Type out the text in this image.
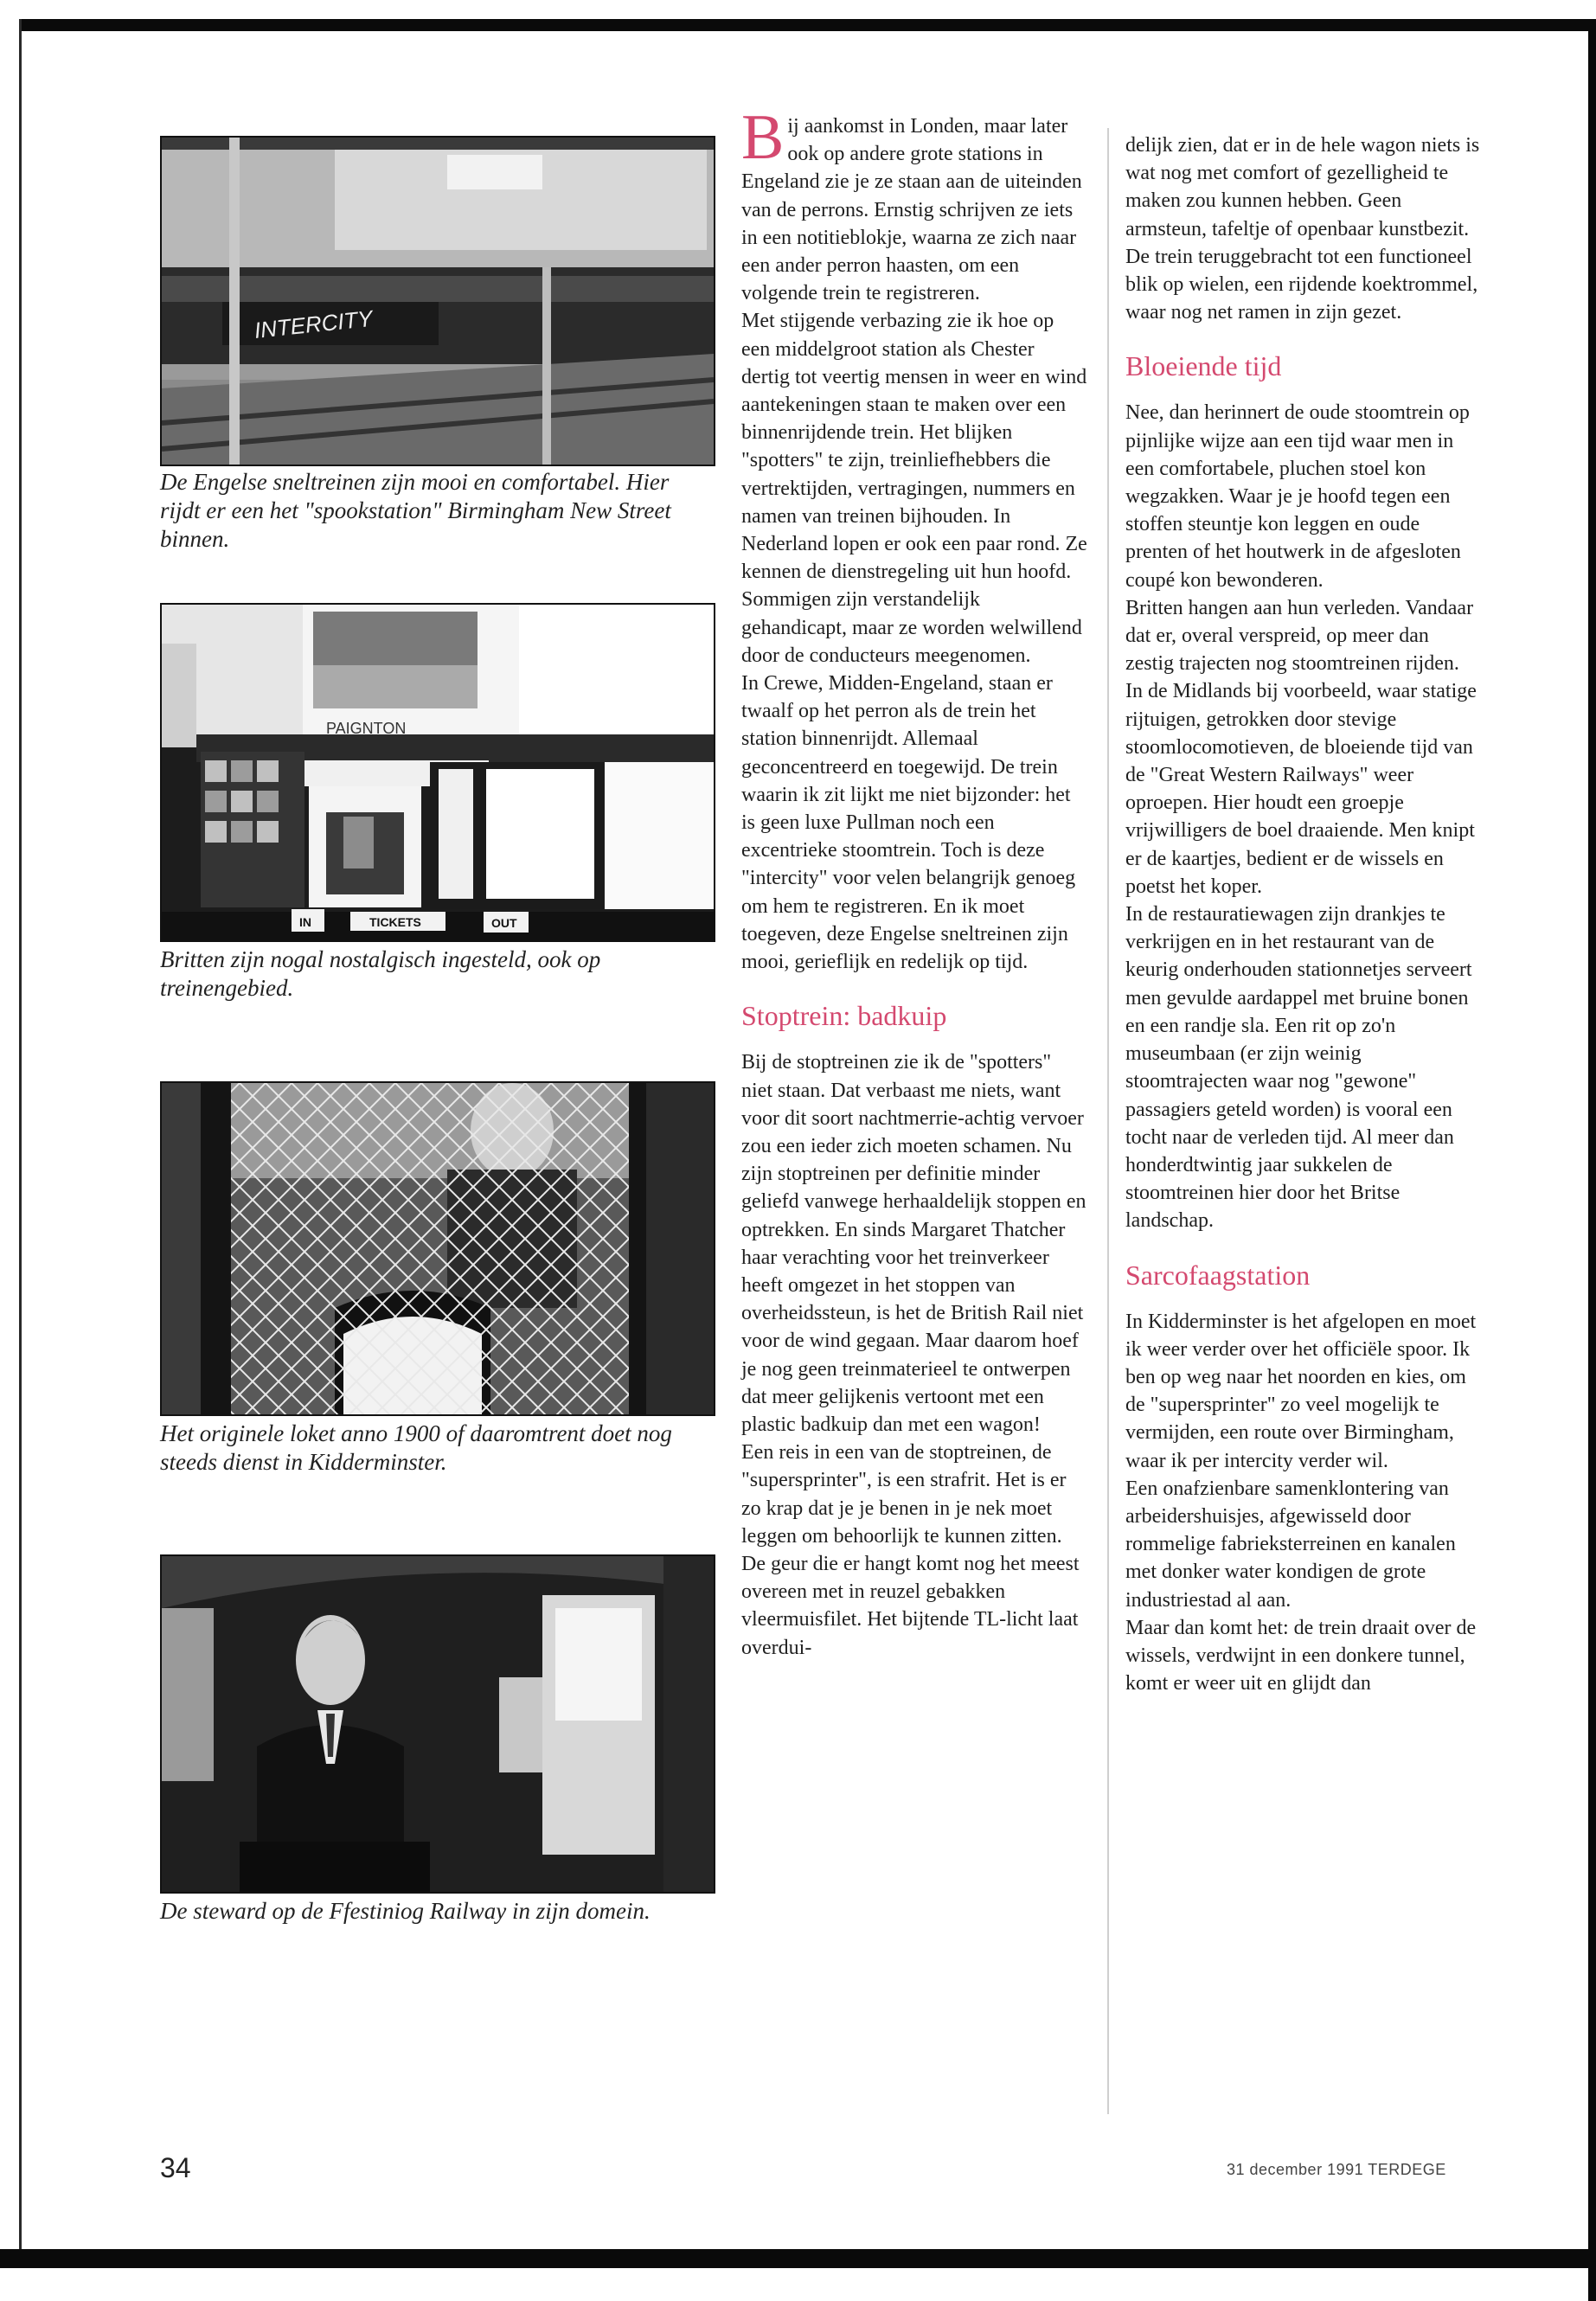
INTERCITY

De Engelse sneltreinen zijn mooi en comfortabel. Hier rijdt er een het "spookstation" Birmingham New Street binnen.

PAIGNTON
IN	TICKETS	OUT

Britten zijn nogal nostalgisch ingesteld, ook op treinengebied.

Het originele loket anno 1900 of daaromtrent doet nog steeds dienst in Kidderminster.

De steward op de Ffestiniog Railway in zijn domein.

Bij aankomst in Londen, maar later ook op andere grote stations in Engeland zie je ze staan aan de uiteinden van de perrons. Ernstig schrijven ze iets in een notitieblokje, waarna ze zich naar een ander perron haasten, om een volgende trein te registreren.

Met stijgende verbazing zie ik hoe op een middelgroot station als Chester dertig tot veertig mensen in weer en wind aantekeningen staan te maken over een binnenrijdende trein. Het blijken "spotters" te zijn, treinliefhebbers die vertrektijden, vertragingen, nummers en namen van treinen bijhouden. In Nederland lopen er ook een paar rond. Ze kennen de dienstregeling uit hun hoofd. Sommigen zijn verstandelijk gehandicapt, maar ze worden welwillend door de conducteurs meegenomen.

In Crewe, Midden-Engeland, staan er twaalf op het perron als de trein het station binnenrijdt. Allemaal geconcentreerd en toegewijd. De trein waarin ik zit lijkt me niet bijzonder: het is geen luxe Pullman noch een excentrieke stoomtrein. Toch is deze "intercity" voor velen belangrijk genoeg om hem te registreren. En ik moet toegeven, deze Engelse sneltreinen zijn mooi, gerieflijk en redelijk op tijd.

Stoptrein: badkuip

Bij de stoptreinen zie ik de "spotters" niet staan. Dat verbaast me niets, want voor dit soort nachtmerrie-achtig vervoer zou een ieder zich moeten schamen. Nu zijn stoptreinen per definitie minder geliefd vanwege herhaaldelijk stoppen en optrekken. En sinds Margaret Thatcher haar verachting voor het treinverkeer heeft omgezet in het stoppen van overheidssteun, is het de British Rail niet voor de wind gegaan. Maar daarom hoef je nog geen treinmaterieel te ontwerpen dat meer gelijkenis vertoont met een plastic badkuip dan met een wagon!

Een reis in een van de stoptreinen, de "supersprinter", is een strafrit. Het is er zo krap dat je je benen in je nek moet leggen om behoorlijk te kunnen zitten. De geur die er hangt komt nog het meest overeen met in reuzel gebakken vleermuisfilet. Het bijtende TL-licht laat overdui-

delijk zien, dat er in de hele wagon niets is wat nog met comfort of gezelligheid te maken zou kunnen hebben. Geen armsteun, tafeltje of openbaar kunstbezit. De trein teruggebracht tot een functioneel blik op wielen, een rijdende koektrommel, waar nog net ramen in zijn gezet.

Bloeiende tijd

Nee, dan herinnert de oude stoomtrein op pijnlijke wijze aan een tijd waar men in een comfortabele, pluchen stoel kon wegzakken. Waar je je hoofd tegen een stoffen steuntje kon leggen en oude prenten of het houtwerk in de afgesloten coupé kon bewonderen.

Britten hangen aan hun verleden. Vandaar dat er, overal verspreid, op meer dan zestig trajecten nog stoomtreinen rijden. In de Midlands bij voorbeeld, waar statige rijtuigen, getrokken door stevige stoomlocomotieven, de bloeiende tijd van de "Great Western Railways" weer oproepen. Hier houdt een groepje vrijwilligers de boel draaiende. Men knipt er de kaartjes, bedient er de wissels en poetst het koper.

In de restauratiewagen zijn drankjes te verkrijgen en in het restaurant van de keurig onderhouden stationnetjes serveert men gevulde aardappel met bruine bonen en een randje sla. Een rit op zo'n museumbaan (er zijn weinig stoomtrajecten waar nog "gewone" passagiers geteld worden) is vooral een tocht naar de verleden tijd. Al meer dan honderdtwintig jaar sukkelen de stoomtreinen hier door het Britse landschap.

Sarcofaagstation

In Kidderminster is het afgelopen en moet ik weer verder over het officiële spoor. Ik ben op weg naar het noorden en kies, om de "supersprinter" zo veel mogelijk te vermijden, een route over Birmingham, waar ik per intercity verder wil.

Een onafzienbare samenklontering van arbeidershuisjes, afgewisseld door rommelige fabrieksterreinen en kanalen met donker water kondigen de grote industriestad al aan.

Maar dan komt het: de trein draait over de wissels, verdwijnt in een donkere tunnel, komt er weer uit en glijdt dan

34	31 december 1991 TERDEGE
